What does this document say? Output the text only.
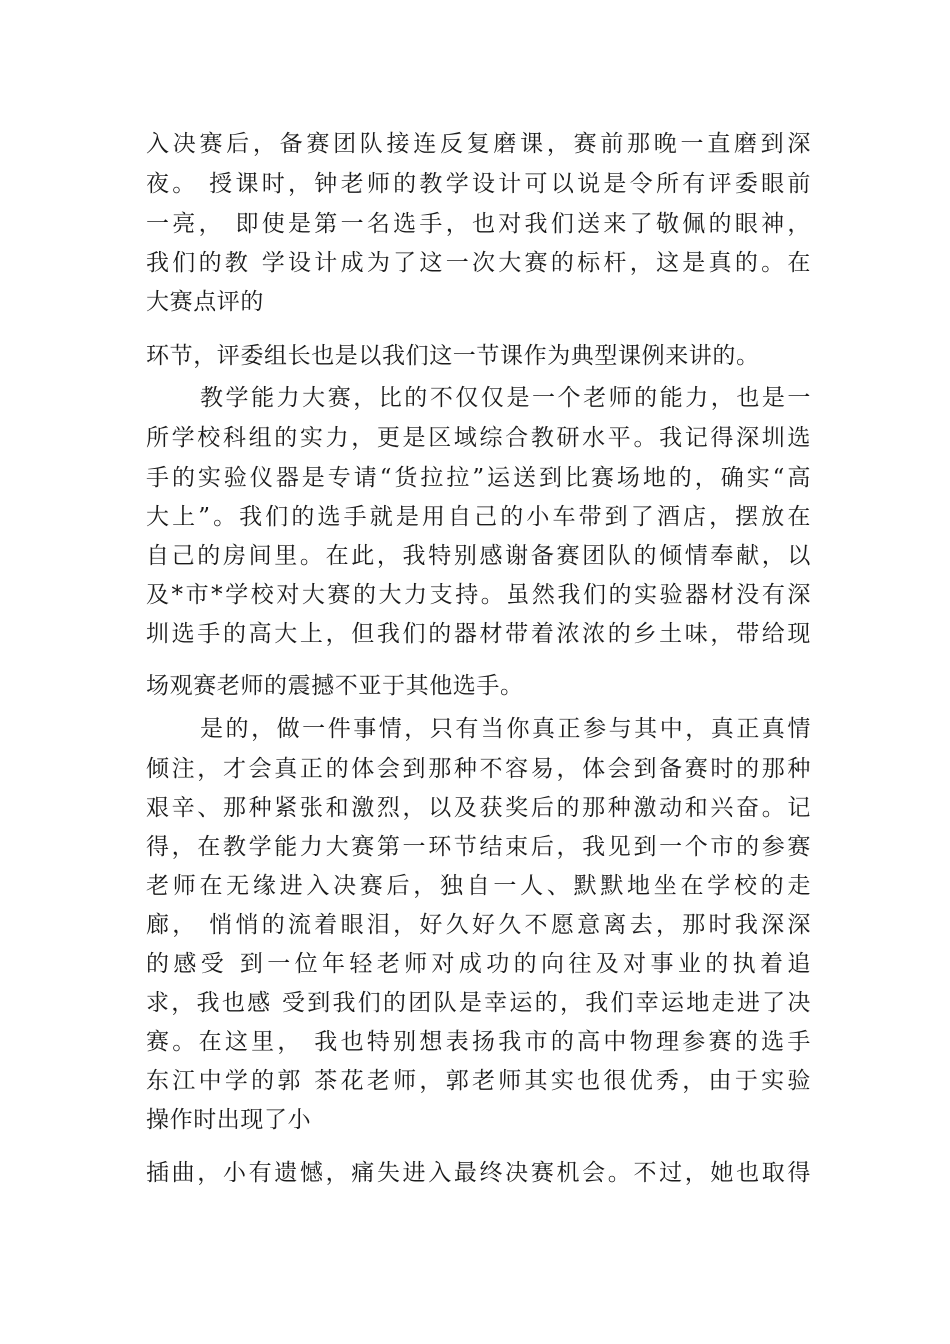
入决赛后，备赛团队接连反复磨课，赛前那晚一直磨到深
夜。 授课时，钟老师的教学设计可以说是令所有评委眼前
一亮， 即使是第一名选手，也对我们送来了敬佩的眼神，
我们的教 学设计成为了这一次大赛的标杆，这是真的。在
大赛点评的
环节，评委组长也是以我们这一节课作为典型课例来讲的。
教学能力大赛，比的不仅仅是一个老师的能力，也是一
所学校科组的实力，更是区域综合教研水平。我记得深圳选
手的实验仪器是专请“货拉拉”运送到比赛场地的，确实“高
大上”。我们的选手就是用自己的小车带到了酒店，摆放在
自己的房间里。在此，我特别感谢备赛团队的倾情奉献，以
及*市*学校对大赛的大力支持。虽然我们的实验器材没有深
圳选手的高大上，但我们的器材带着浓浓的乡土味，带给现
场观赛老师的震撼不亚于其他选手。
是的，做一件事情，只有当你真正参与其中，真正真情
倾注，才会真正的体会到那种不容易，体会到备赛时的那种
艰辛、那种紧张和激烈，以及获奖后的那种激动和兴奋。记
得，在教学能力大赛第一环节结束后，我见到一个市的参赛
老师在无缘进入决赛后，独自一人、默默地坐在学校的走
廊， 悄悄的流着眼泪，好久好久不愿意离去，那时我深深
的感受 到一位年轻老师对成功的向往及对事业的执着追
求，我也感 受到我们的团队是幸运的，我们幸运地走进了决
赛。在这里， 我也特别想表扬我市的高中物理参赛的选手
东江中学的郭 茶花老师，郭老师其实也很优秀，由于实验
操作时出现了小
插曲，小有遗憾，痛失进入最终决赛机会。不过，她也取得
